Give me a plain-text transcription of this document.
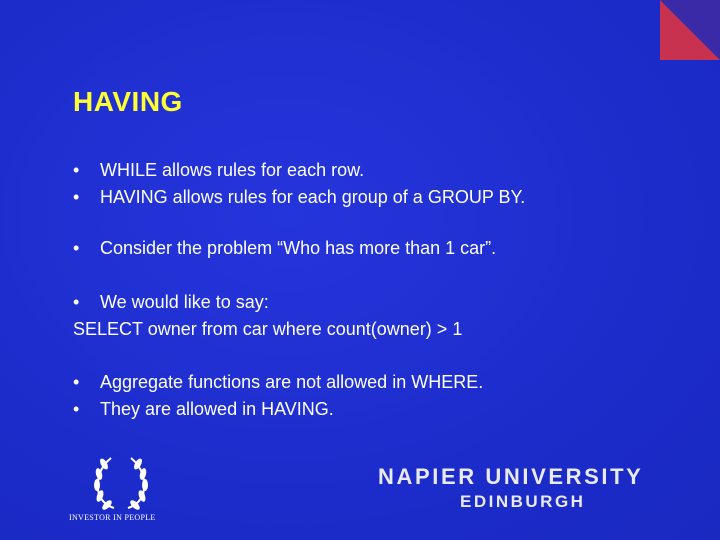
HAVING
• WHILE allows rules for each row.
• HAVING allows rules for each group of a GROUP BY.
• Consider the problem “Who has more than 1 car”.
• We would like to say:
SELECT owner from car where count(owner) > 1
• Aggregate functions are not allowed in WHERE.
• They are allowed in HAVING.
INVESTOR IN PEOPLE
NAPIER UNIVERSITY
EDINBURGH
